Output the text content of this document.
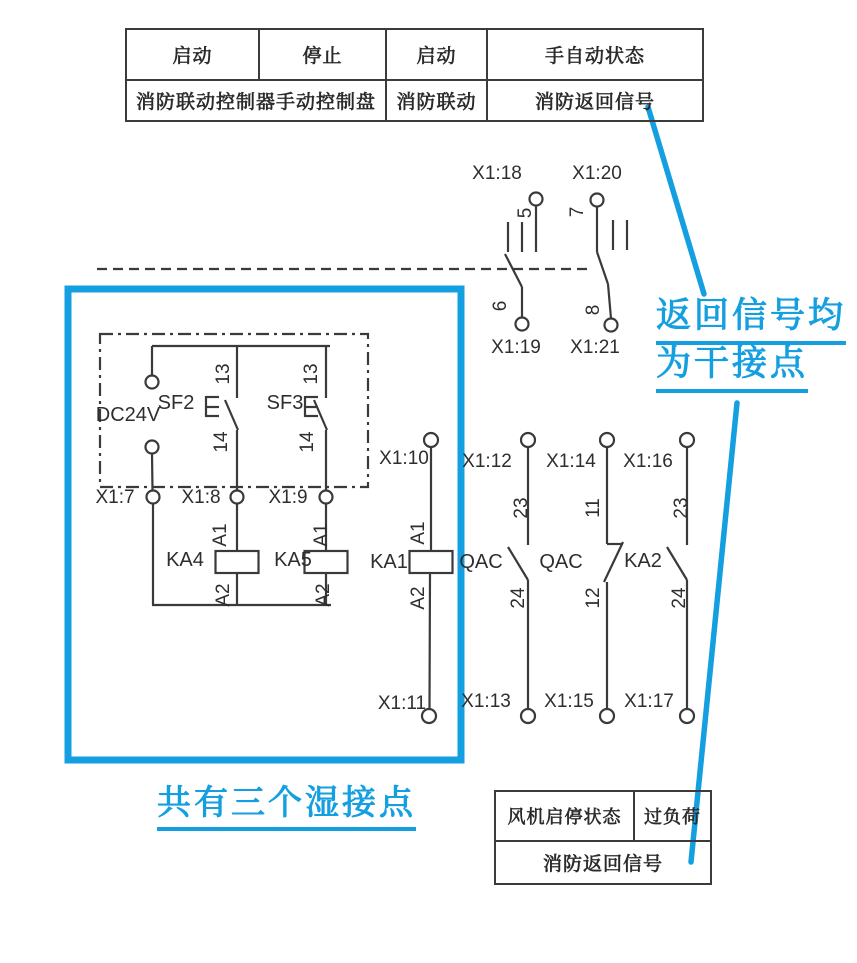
启动	停止	启动	手自动状态
消防联动控制器手动控制盘	消防联动	消防返回信号
风机启停状态	过负荷
消防返回信号
X1:18	X1:20
X1:19 X1:21
X1:7 X1:8	X1:9
X1:10
X1:11
X1:12 X1:14 X1:16
X1:13 X1:15 X1:17
DC24V
SF2	SF3
KA4	KA5	KA1	QAC QAC KA2
5
6
7
8
13
14
13
14
A1
A2
A1
A2
A1
A2
23
24
11
12
23
24
返回信号均
为干接点
共有三个湿接点
